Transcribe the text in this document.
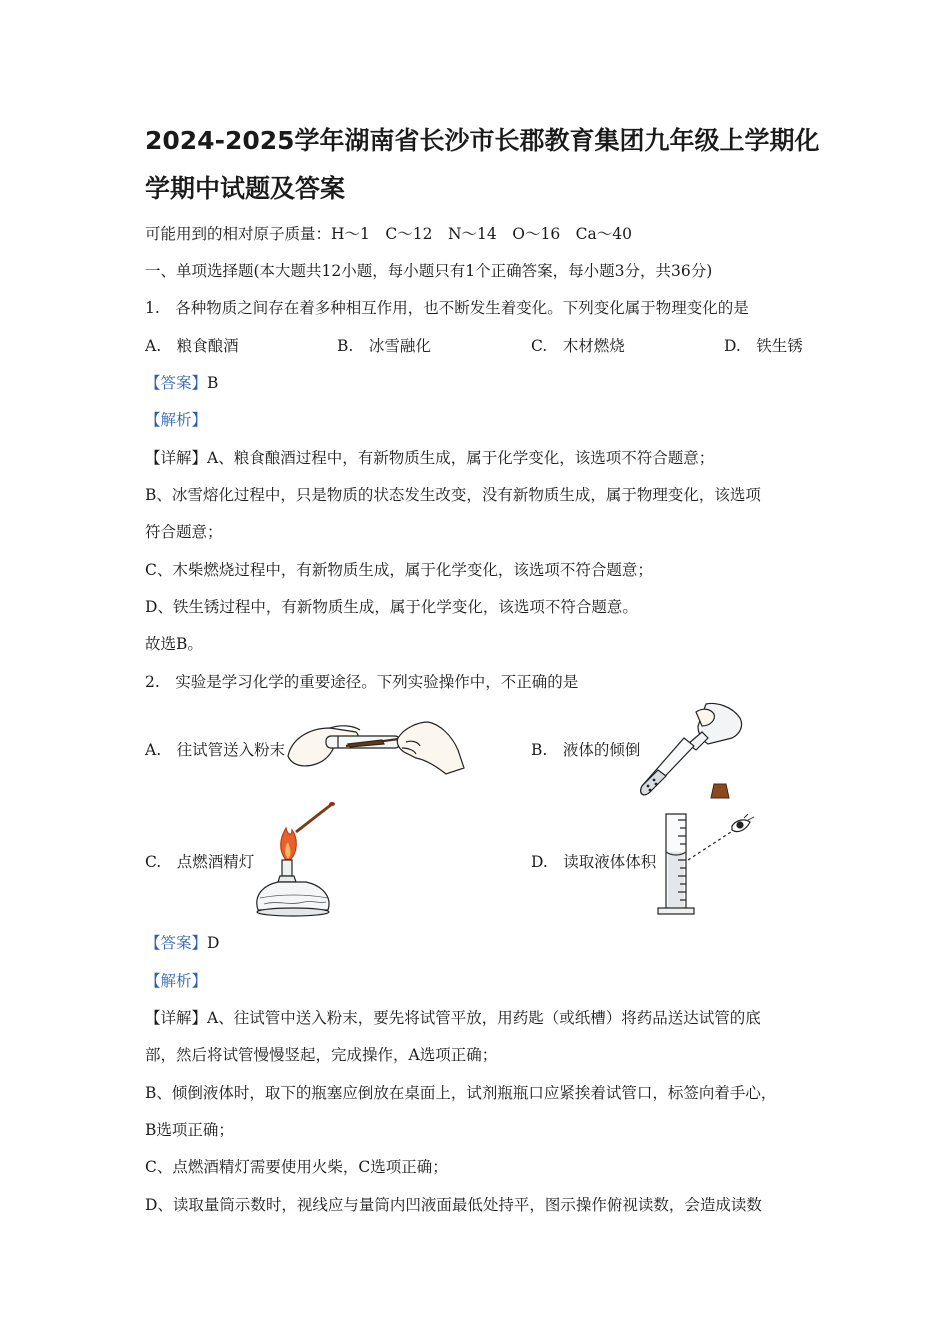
2024-2025学年湖南省长沙市长郡教育集团九年级上学期化
学期中试题及答案
可能用到的相对原子质量：H～1　C～12　N～14　O～16　Ca～40
一、单项选择题(本大题共12小题，每小题只有1个正确答案，每小题3分，共36分)
1.　各种物质之间存在着多种相互作用，也不断发生着变化。下列变化属于物理变化的是
A.　粮食酿酒	B.　冰雪融化	C.　木材燃烧	D.　铁生锈
【答案】B
【解析】
【详解】A、粮食酿酒过程中，有新物质生成，属于化学变化，该选项不符合题意；
B、冰雪熔化过程中，只是物质的状态发生改变，没有新物质生成，属于物理变化，该选项
符合题意；
C、木柴燃烧过程中，有新物质生成，属于化学变化，该选项不符合题意；
D、铁生锈过程中，有新物质生成，属于化学变化，该选项不符合题意。
故选B。
2.　实验是学习化学的重要途径。下列实验操作中，不正确的是
A.　往试管送入粉末	B.　液体的倾倒
C.　点燃酒精灯	D.　读取液体体积
【答案】D
【解析】
【详解】A、往试管中送入粉末，要先将试管平放，用药匙（或纸槽）将药品送达试管的底
部，然后将试管慢慢竖起，完成操作，A选项正确；
B、倾倒液体时，取下的瓶塞应倒放在桌面上，试剂瓶瓶口应紧挨着试管口，标签向着手心，
B选项正确；
C、点燃酒精灯需要使用火柴，C选项正确；
D、读取量筒示数时，视线应与量筒内凹液面最低处持平，图示操作俯视读数，会造成读数
